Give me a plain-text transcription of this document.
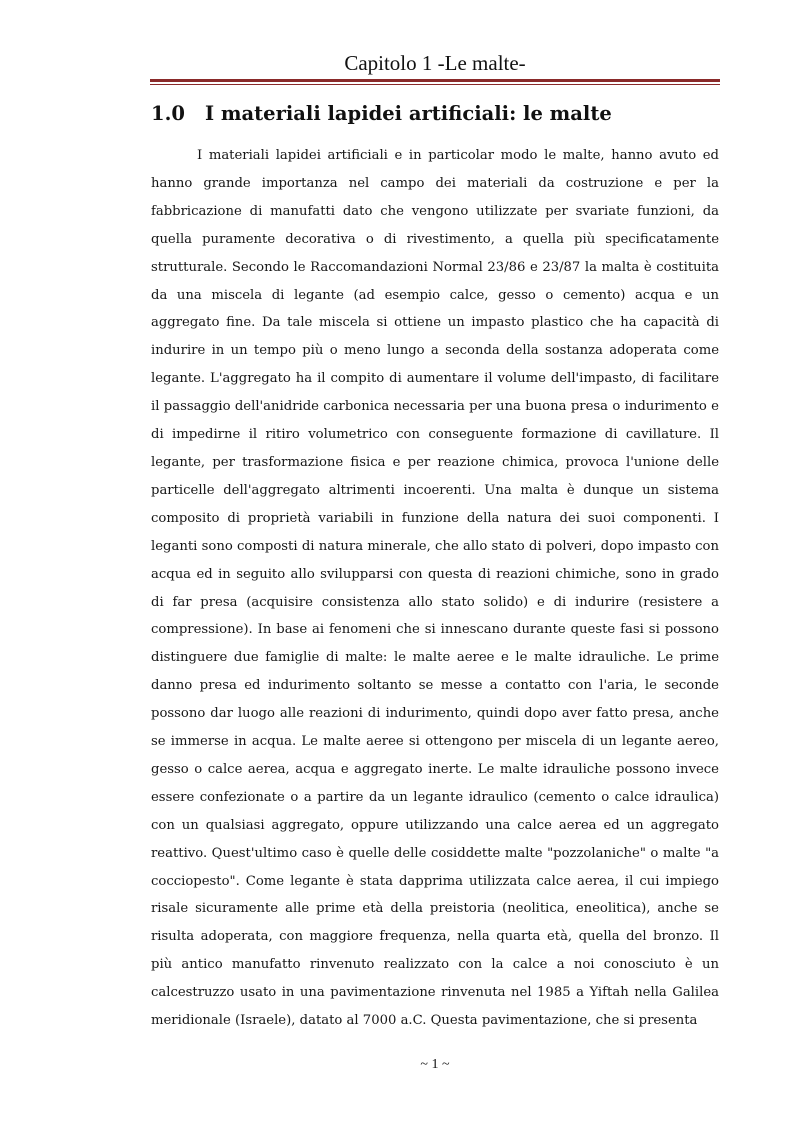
Capitolo 1 -Le malte-
1.0 I materiali lapidei artificiali: le malte

I materiali lapidei artificiali e in particolar modo le malte, hanno avuto ed hanno grande importanza nel campo dei materiali da costruzione e per la fabbricazione di manufatti dato che vengono utilizzate per svariate funzioni, da quella puramente decorativa o di rivestimento, a quella più specificatamente strutturale. Secondo le Raccomandazioni Normal 23/86 e 23/87 la malta è costituita da una miscela di legante (ad esempio calce, gesso o cemento) acqua e un aggregato fine. Da tale miscela si ottiene un impasto plastico che ha capacità di indurire in un tempo più o meno lungo a seconda della sostanza adoperata come legante. L'aggregato ha il compito di aumentare il volume dell'impasto, di facilitare il passaggio dell'anidride carbonica necessaria per una buona presa o indurimento e di impedirne il ritiro volumetrico con conseguente formazione di cavillature. Il legante, per trasformazione fisica e per reazione chimica, provoca l'unione delle particelle dell'aggregato altrimenti incoerenti. Una malta è dunque un sistema composito di proprietà variabili in funzione della natura dei suoi componenti. I leganti sono composti di natura minerale, che allo stato di polveri, dopo impasto con acqua ed in seguito allo svilupparsi con questa di reazioni chimiche, sono in grado di far presa (acquisire consistenza allo stato solido) e di indurire (resistere a compressione). In base ai fenomeni che si innescano durante queste fasi si possono distinguere due famiglie di malte: le malte aeree e le malte idrauliche. Le prime danno presa ed indurimento soltanto se messe a contatto con l'aria, le seconde possono dar luogo alle reazioni di indurimento, quindi dopo aver fatto presa, anche se immerse in acqua. Le malte aeree si ottengono per miscela di un legante aereo, gesso o calce aerea, acqua e aggregato inerte. Le malte idrauliche possono invece essere confezionate o a partire da un legante idraulico (cemento o calce idraulica) con un qualsiasi aggregato, oppure utilizzando una calce aerea ed un aggregato reattivo. Quest'ultimo caso è quelle delle cosiddette malte "pozzolaniche" o malte "a cocciopesto". Come legante è stata dapprima utilizzata calce aerea, il cui impiego risale sicuramente alle prime età della preistoria (neolitica, eneolitica), anche se risulta adoperata, con maggiore frequenza, nella quarta età, quella del bronzo. Il più antico manufatto rinvenuto realizzato con la calce a noi conosciuto è un calcestruzzo usato in una pavimentazione rinvenuta nel 1985 a Yiftah nella Galilea meridionale (Israele), datato al 7000 a.C. Questa pavimentazione, che si presenta

~ 1 ~
